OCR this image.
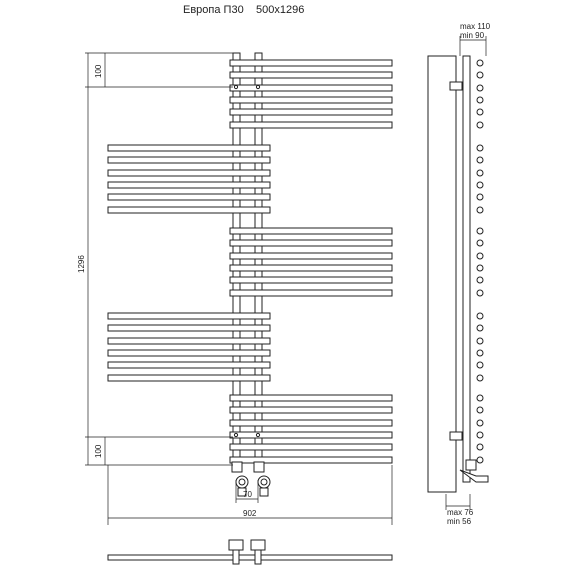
Европа П30 500x1296
100
100
1296
70
902
max 110
min 90
max 76
min 56
